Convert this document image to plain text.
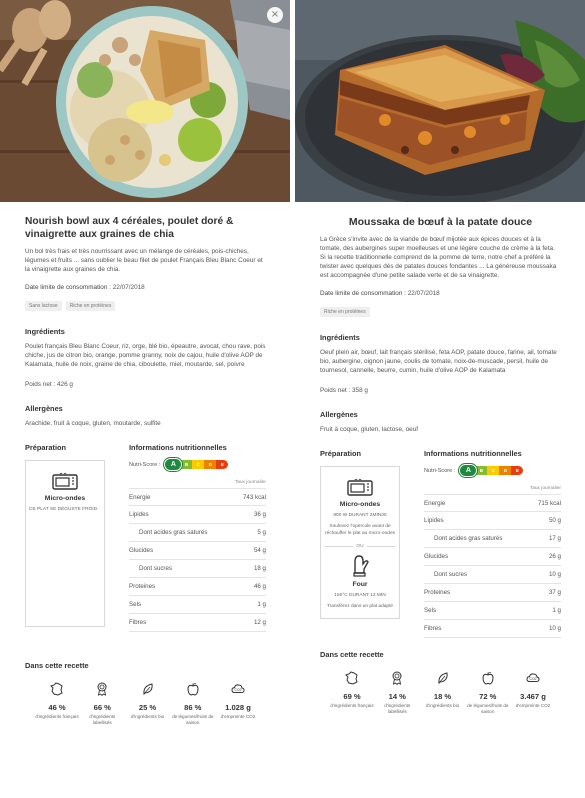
×
Nourish bowl aux 4 céréales, poulet doré & vinaigrette aux graines de chia
Un bol très frais et très nourrissant avec un mélange de céréales, pois-chiches, légumes et fruits ... sans oublier le beau filet de poulet Français Bleu Blanc Coeur et la vinaigrette aux graines de chia.
Date limite de consommation : 22/07/2018
Sans lactose	Riche en protéines
Ingrédients
Poulet français Bleu Blanc Coeur, riz, orge, blé bio, épeautre, avocat, chou rave, pois chiche, jus de citron bio, orange, pomme granny, noix de cajou, huile d'olive AOP de Kalamata, huile de noix, graine de chia, ciboulette, miel, moutarde, sel, poivre
Poids net : 426 g
Allergènes
Arachide, fruit à coque, gluten, moutarde, sulfite
Préparation
Micro-ondes
CE PLAT SE DÉGUSTE FROID.
Informations nutritionnelles
Nutri-Score :	A	B	C	D	E
Taux journalier
Energie	743 kcal
Lipides	36 g
Dont acides gras saturés	5 g
Glucides	54 g
Dont sucres	18 g
Proteines	46 g
Sels	1 g
Fibres	12 g
Dans cette recette
46 %
d'ingrédients français
66 %
d'ingrédients labellisés
25 %
d'ingrédients bio
86 %
de légumes/fruits de saison
CO2
1.028 g
d'empreinte CO2
Moussaka de bœuf à la patate douce
La Grèce s'invite avec de la viande de bœuf mijotée aux épices douces et à la tomate, des aubergines super moelleuses et une légère couche de crème à la feta. Si la recette traditionnelle comprend de la pomme de terre, notre chef a préféré la twister avec quelques dés de patates douces fondantes ... La généreuse moussaka est accompagnée d'une petite salade verte et de sa vinaigrette.
Date limite de consommation : 22/07/2018
Riche en protéines
Ingrédients
Oeuf plein air, bœuf, lait français stérilisé, feta AOP, patate douce, farine, ail, tomate bio, aubergine, oignon jaune, coulis de tomate, noix-de-muscade, persil, huile de tournesol, cannelle, beurre, cumin, huile d'olive AOP de Kalamata
Poids net : 358 g
Allergènes
Fruit à coque, gluten, lactose, oeuf
Préparation
Micro-ondes
900 W DURANT 2MIN30
Soulevez l'opercule avant de réchauffer le plat au micro-ondes
OU
Four
150°C DURANT 12 MIN
Transférez dans un plat adapté
Informations nutritionnelles
Nutri-Score :	A	B	C	D	E
Taux journalier
Energie	715 kcal
Lipides	50 g
Dont acides gras saturés	17 g
Glucides	26 g
Dont sucres	10 g
Proteines	37 g
Sels	1 g
Fibres	10 g
Dans cette recette
69 %
d'ingrédients français
14 %
d'ingrédients labellisés
18 %
d'ingrédients bio
72 %
de légumes/fruits de saison
CO2
3.467 g
d'empreinte CO2
